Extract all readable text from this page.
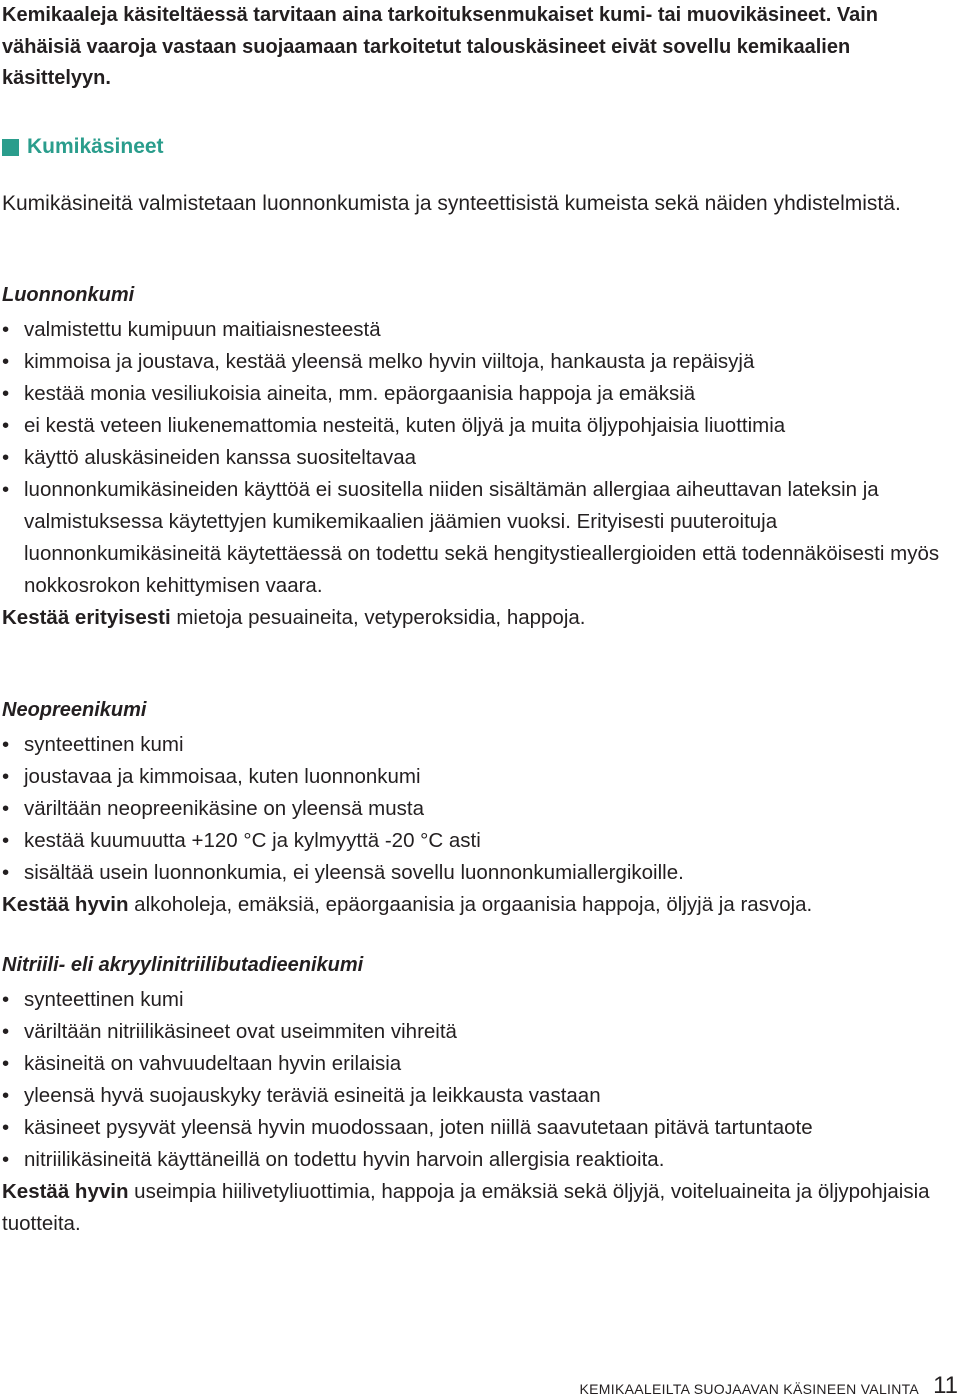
Kemikaaleja käsiteltäessä tarvitaan aina tarkoituksenmukaiset kumi- tai muovikäsineet. Vain vähäisiä vaaroja vastaan suojaamaan tarkoitetut talouskäsineet eivät sovellu kemikaalien käsittelyyn.

Kumikäsineet

Kumikäsineitä valmistetaan luonnonkumista ja synteettisistä kumeista sekä näiden yhdistelmistä.

Luonnonkumi
• valmistettu kumipuun maitiaisnesteestä
• kimmoisa ja joustava, kestää yleensä melko hyvin viiltoja, hankausta ja repäisyjä
• kestää monia vesiliukoisia aineita, mm. epäorgaanisia happoja ja emäksiä
• ei kestä veteen liukenemattomia nesteitä, kuten öljyä ja muita öljypohjaisia liuottimia
• käyttö aluskäsineiden kanssa suositeltavaa
• luonnonkumikäsineiden käyttöä ei suositella niiden sisältämän allergiaa aiheuttavan lateksin ja valmistuksessa käytettyjen kumikemikaalien jäämien vuoksi. Erityisesti puuteroituja luonnonkumikäsineitä käytettäessä on todettu sekä hengitystieallergioiden että todennäköisesti myös nokkosrokon kehittymisen vaara.
Kestää erityisesti mietoja pesuaineita, vetyperoksidia, happoja.
Neopreenikumi
• synteettinen kumi
• joustavaa ja kimmoisaa, kuten luonnonkumi
• väriltään neopreenikäsine on yleensä musta
• kestää kuumuutta +120 °C ja kylmyyttä -20 °C asti
• sisältää usein luonnonkumia, ei yleensä sovellu luonnonkumiallergikoille.
Kestää hyvin alkoholeja, emäksiä, epäorgaanisia ja orgaanisia happoja, öljyjä ja rasvoja.
Nitriili- eli akryylinitriilibutadieenikumi
• synteettinen kumi
• väriltään nitriilikäsineet ovat useimmiten vihreitä
• käsineitä on vahvuudeltaan hyvin erilaisia
• yleensä hyvä suojauskyky teräviä esineitä ja leikkausta vastaan
• käsineet pysyvät yleensä hyvin muodossaan, joten niillä saavutetaan pitävä tartuntaote
• nitriilikäsineitä käyttäneillä on todettu hyvin harvoin allergisia reaktioita.
Kestää hyvin useimpia hiilivetyliuottimia, happoja ja emäksiä sekä öljyjä, voiteluaineita ja öljypohjaisia tuotteita.
KEMIKAALEILTA SUOJAAVAN KÄSINEEN VALINTA 11
